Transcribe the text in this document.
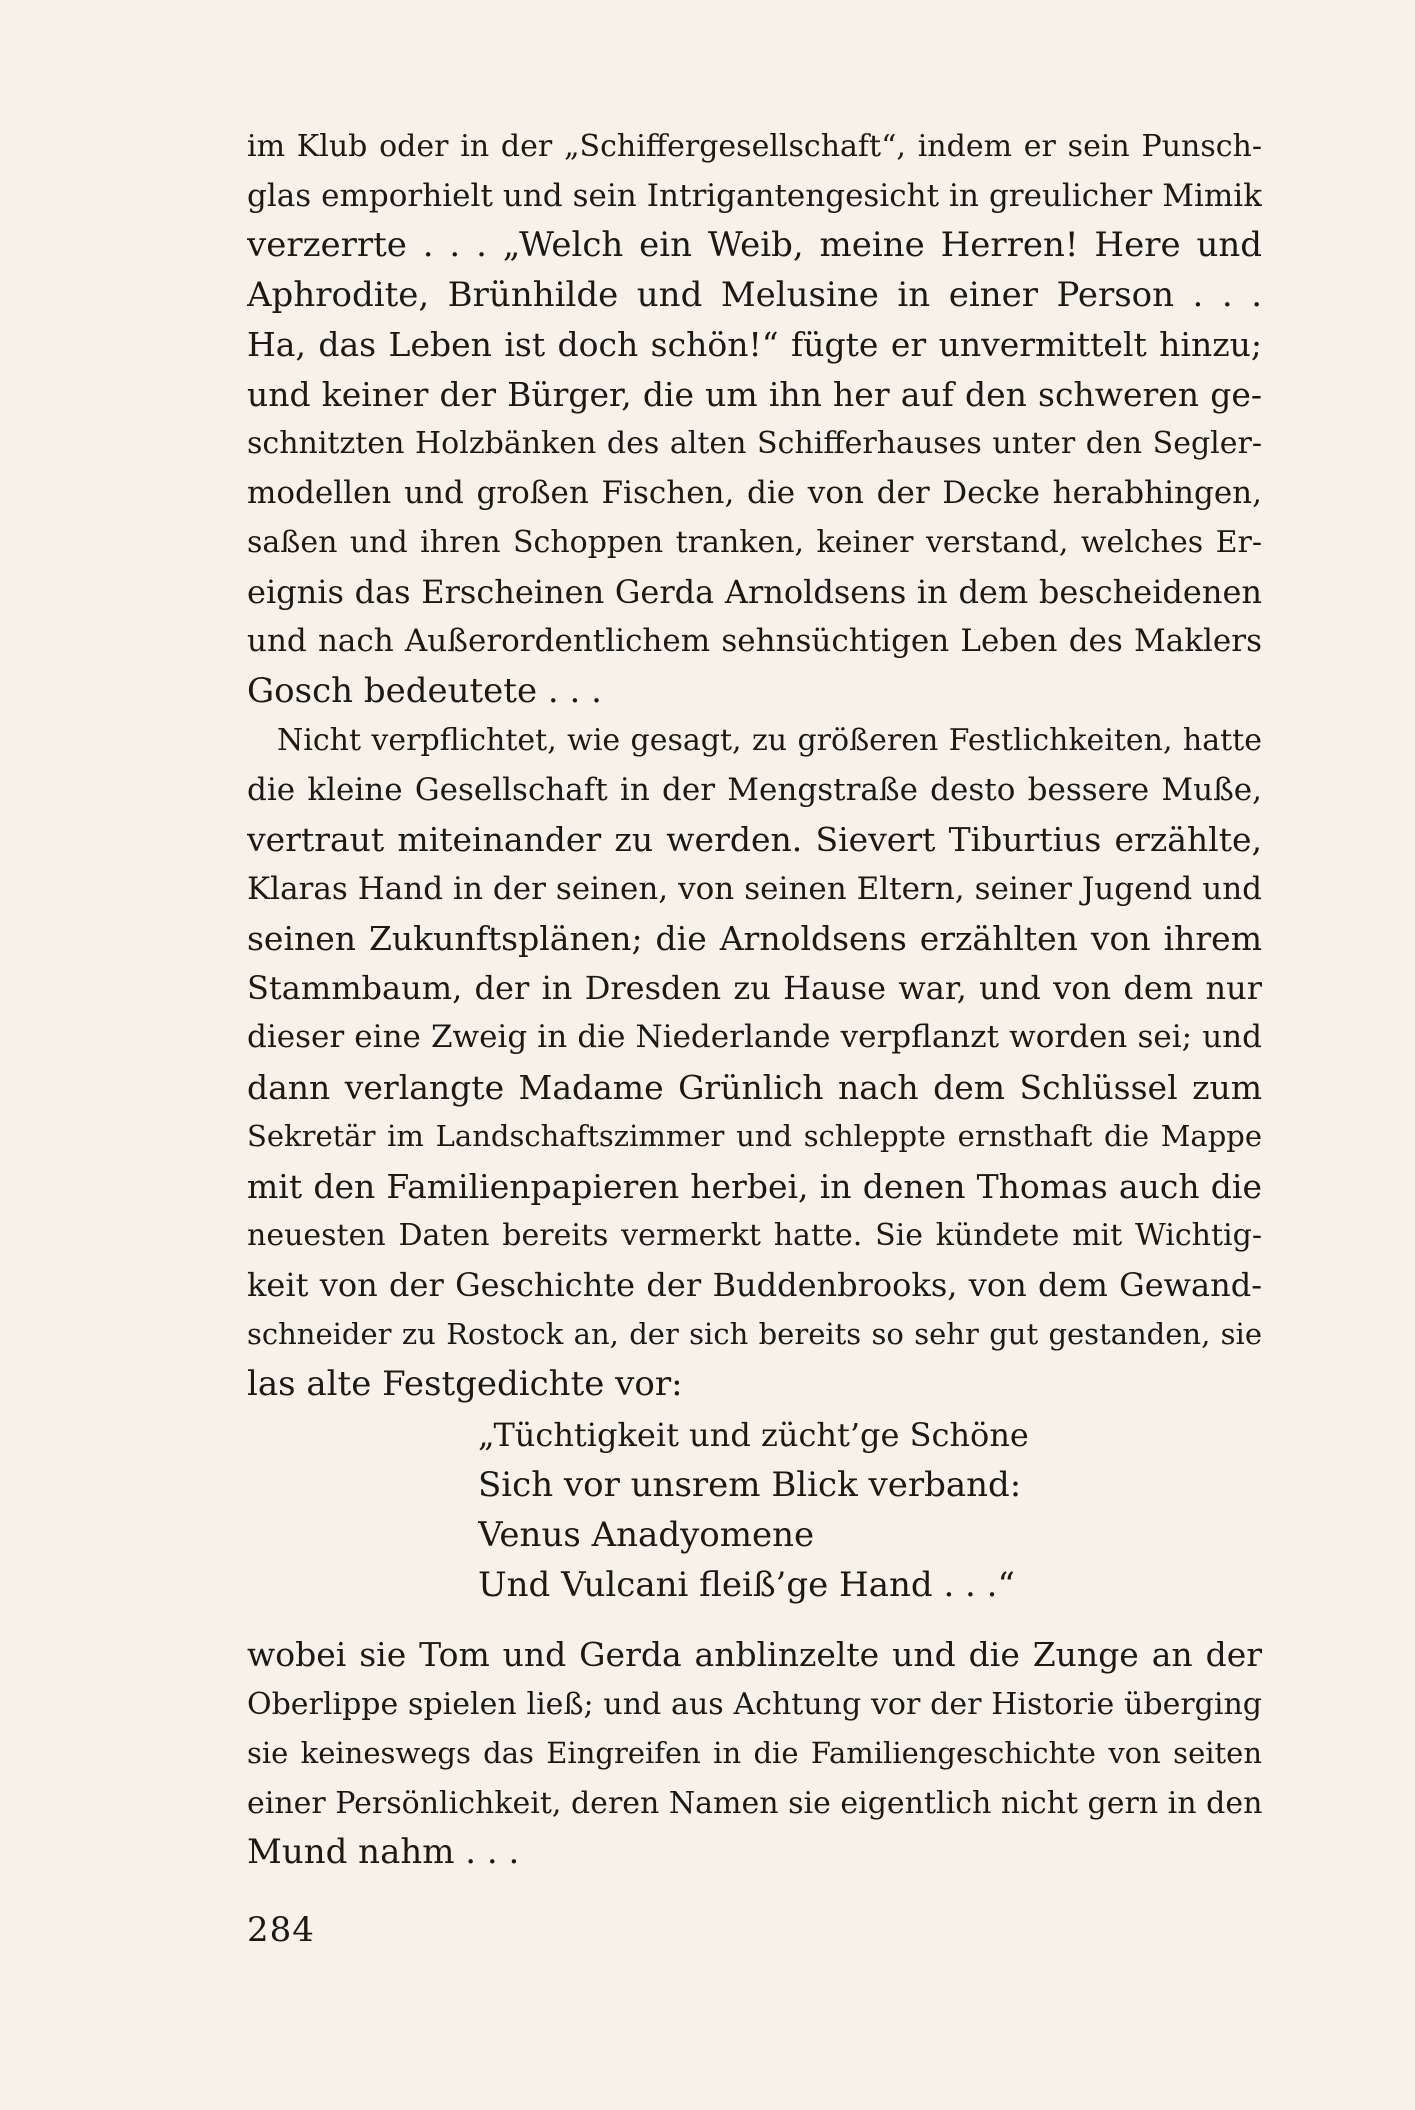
im Klub oder in der „Schiffergesellschaft“, indem er sein Punsch-
glas emporhielt und sein Intrigantengesicht in greulicher Mimik
verzerrte . . . „Welch ein Weib, meine Herren! Here und
Aphrodite, Brünhilde und Melusine in einer Person . . .
Ha, das Leben ist doch schön!“ fügte er unvermittelt hinzu;
und keiner der Bürger, die um ihn her auf den schweren ge-
schnitzten Holzbänken des alten Schifferhauses unter den Segler-
modellen und großen Fischen, die von der Decke herabhingen,
saßen und ihren Schoppen tranken, keiner verstand, welches Er-
eignis das Erscheinen Gerda Arnoldsens in dem bescheidenen
und nach Außerordentlichem sehnsüchtigen Leben des Maklers
Gosch bedeutete . . .
Nicht verpflichtet, wie gesagt, zu größeren Festlichkeiten, hatte
die kleine Gesellschaft in der Mengstraße desto bessere Muße,
vertraut miteinander zu werden. Sievert Tiburtius erzählte,
Klaras Hand in der seinen, von seinen Eltern, seiner Jugend und
seinen Zukunftsplänen; die Arnoldsens erzählten von ihrem
Stammbaum, der in Dresden zu Hause war, und von dem nur
dieser eine Zweig in die Niederlande verpflanzt worden sei; und
dann verlangte Madame Grünlich nach dem Schlüssel zum
Sekretär im Landschaftszimmer und schleppte ernsthaft die Mappe
mit den Familienpapieren herbei, in denen Thomas auch die
neuesten Daten bereits vermerkt hatte. Sie kündete mit Wichtig-
keit von der Geschichte der Buddenbrooks, von dem Gewand-
schneider zu Rostock an, der sich bereits so sehr gut gestanden, sie
las alte Festgedichte vor:
„Tüchtigkeit und zücht’ge Schöne
Sich vor unsrem Blick verband:
Venus Anadyomene
Und Vulcani fleiß’ge Hand . . .“
wobei sie Tom und Gerda anblinzelte und die Zunge an der
Oberlippe spielen ließ; und aus Achtung vor der Historie überging
sie keineswegs das Eingreifen in die Familiengeschichte von seiten
einer Persönlichkeit, deren Namen sie eigentlich nicht gern in den
Mund nahm . . .
284
